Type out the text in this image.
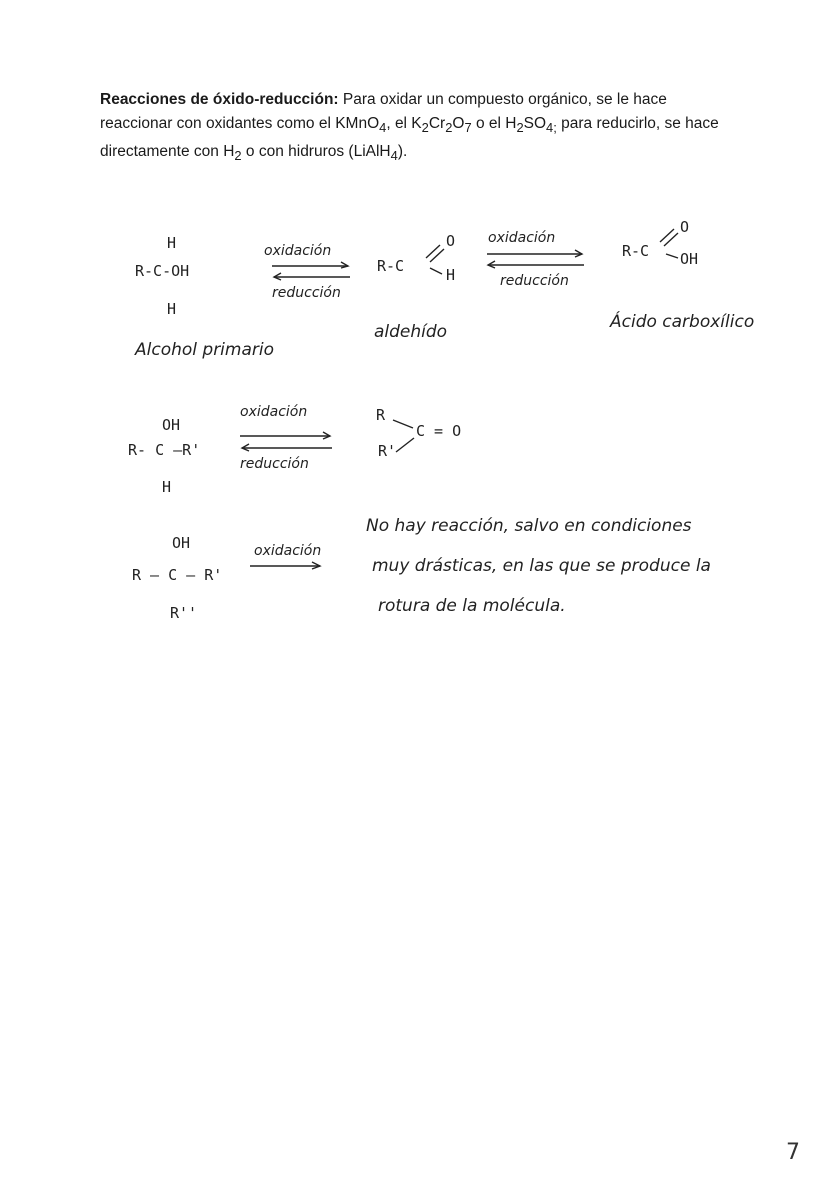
Reacciones de óxido-reducción: Para oxidar un compuesto orgánico, se le hace reaccionar con oxidantes como el KMnO$_4$, el $K_2Cr_2O_7$ o el $H_2SO_{4;}$ para reducirlo, se hace directamente con $H_2$ o con hidruros (LiAlH$_4$).
H
R-C-OH
H
oxidación
reducción
O
R-C	H
oxidación
reducción
O
R-C OH
Alcohol primario
aldehído	Ácido carboxílico
OH
R- C —R'
H
oxidación
reducción
R
C = O
R'
OH
R – C – R'
R''
oxidación
No hay reacción, salvo en condiciones
muy drásticas, en las que se produce la
rotura de la molécula.
7
